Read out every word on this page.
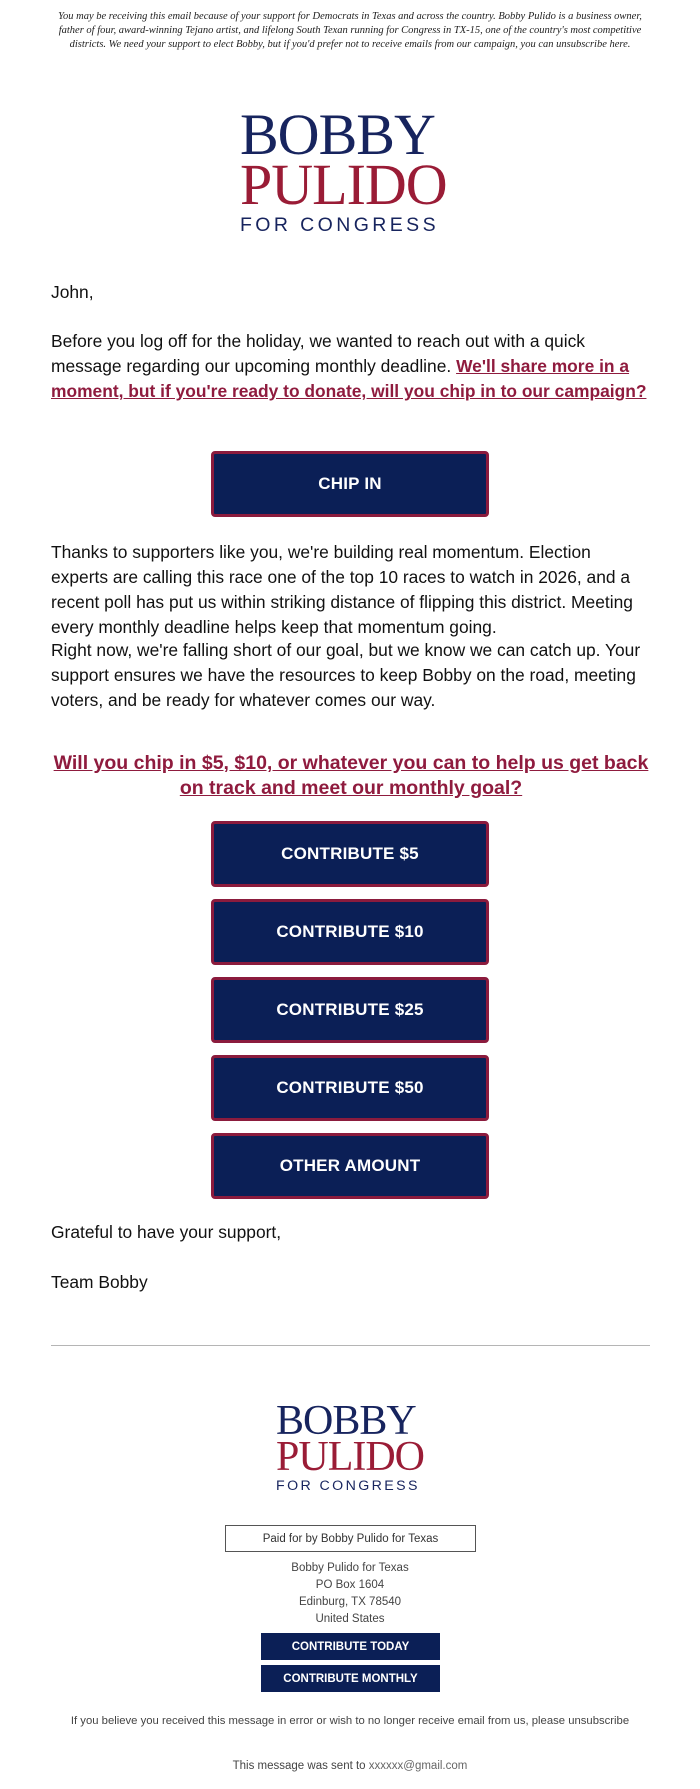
You may be receiving this email because of your support for Democrats in Texas and across the country. Bobby Pulido is a business owner, father of four, award-winning Tejano artist, and lifelong South Texan running for Congress in TX-15, one of the country's most competitive districts. We need your support to elect Bobby, but if you'd prefer not to receive emails from our campaign, you can unsubscribe here.
BOBBY
PULIDO
FOR CONGRESS

John,

Before you log off for the holiday, we wanted to reach out with a quick message regarding our upcoming monthly deadline. We'll share more in a moment, but if you're ready to donate, will you chip in to our campaign?

CHIP IN

Thanks to supporters like you, we're building real momentum. Election experts are calling this race one of the top 10 races to watch in 2026, and a recent poll has put us within striking distance of flipping this district. Meeting every monthly deadline helps keep that momentum going.

Right now, we're falling short of our goal, but we know we can catch up. Your support ensures we have the resources to keep Bobby on the road, meeting voters, and be ready for whatever comes our way.

Will you chip in $5, $10, or whatever you can to help us get back on track and meet our monthly goal?
CONTRIBUTE $5
CONTRIBUTE $10
CONTRIBUTE $25
CONTRIBUTE $50
OTHER AMOUNT

Grateful to have your support,

Team Bobby

BOBBY
PULIDO
FOR CONGRESS
Paid for by Bobby Pulido for Texas
Bobby Pulido for Texas
PO Box 1604
Edinburg, TX 78540
United States
CONTRIBUTE TODAY
CONTRIBUTE MONTHLY
If you believe you received this message in error or wish to no longer receive email from us, please unsubscribe
This message was sent to xxxxxx@gmail.com
